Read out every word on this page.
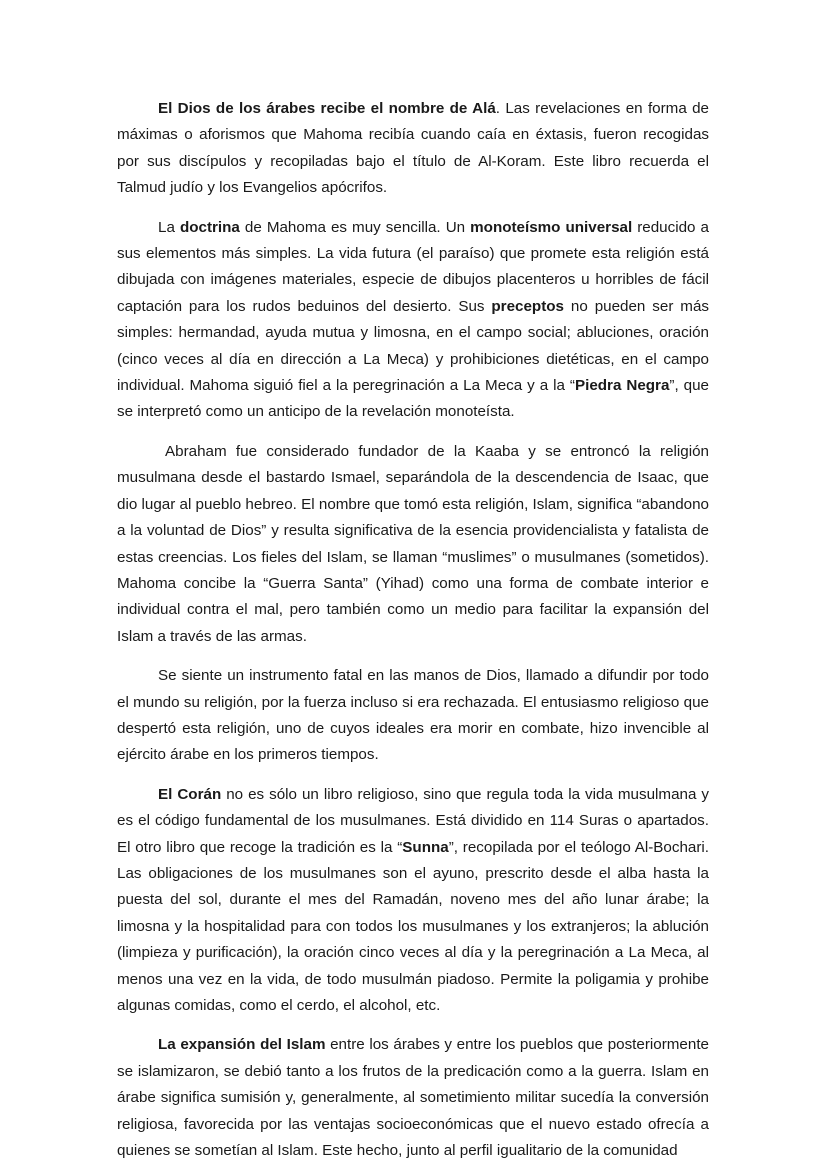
El Dios de los árabes recibe el nombre de Alá. Las revelaciones en forma de máximas o aforismos que Mahoma recibía cuando caía en éxtasis, fueron recogidas por sus discípulos y recopiladas bajo el título de Al-Koram. Este libro recuerda el Talmud judío y los Evangelios apócrifos.

La doctrina de Mahoma es muy sencilla. Un monoteísmo universal reducido a sus elementos más simples. La vida futura (el paraíso) que promete esta religión está dibujada con imágenes materiales, especie de dibujos placenteros u horribles de fácil captación para los rudos beduinos del desierto. Sus preceptos no pueden ser más simples: hermandad, ayuda mutua y limosna, en el campo social; abluciones, oración (cinco veces al día en dirección a La Meca) y prohibiciones dietéticas, en el campo individual. Mahoma siguió fiel a la peregrinación a La Meca y a la “Piedra Negra”, que se interpretó como un anticipo de la revelación monoteísta.

Abraham fue considerado fundador de la Kaaba y se entroncó la religión musulmana desde el bastardo Ismael, separándola de la descendencia de Isaac, que dio lugar al pueblo hebreo. El nombre que tomó esta religión, Islam, significa “abandono a la voluntad de Dios” y resulta significativa de la esencia providencialista y fatalista de estas creencias. Los fieles del Islam, se llaman “muslimes” o musulmanes (sometidos). Mahoma concibe la “Guerra Santa” (Yihad) como una forma de combate interior e individual contra el mal, pero también como un medio para facilitar la expansión del Islam a través de las armas.

Se siente un instrumento fatal en las manos de Dios, llamado a difundir por todo el mundo su religión, por la fuerza incluso si era rechazada. El entusiasmo religioso que despertó esta religión, uno de cuyos ideales era morir en combate, hizo invencible al ejército árabe en los primeros tiempos.

El Corán no es sólo un libro religioso, sino que regula toda la vida musulmana y es el código fundamental de los musulmanes. Está dividido en 114 Suras o apartados. El otro libro que recoge la tradición es la “Sunna”, recopilada por el teólogo Al-Bochari. Las obligaciones de los musulmanes son el ayuno, prescrito desde el alba hasta la puesta del sol, durante el mes del Ramadán, noveno mes del año lunar árabe; la limosna y la hospitalidad para con todos los musulmanes y los extranjeros; la ablución (limpieza y purificación), la oración cinco veces al día y la peregrinación a La Meca, al menos una vez en la vida, de todo musulmán piadoso. Permite la poligamia y prohibe algunas comidas, como el cerdo, el alcohol, etc.

La expansión del Islam entre los árabes y entre los pueblos que posteriormente se islamizaron, se debió tanto a los frutos de la predicación como a la guerra. Islam en árabe significa sumisión y, generalmente, al sometimiento militar sucedía la conversión religiosa, favorecida por las ventajas socioeconómicas que el nuevo estado ofrecía a quienes se sometían al Islam. Este hecho, junto al perfil igualitario de la comunidad
